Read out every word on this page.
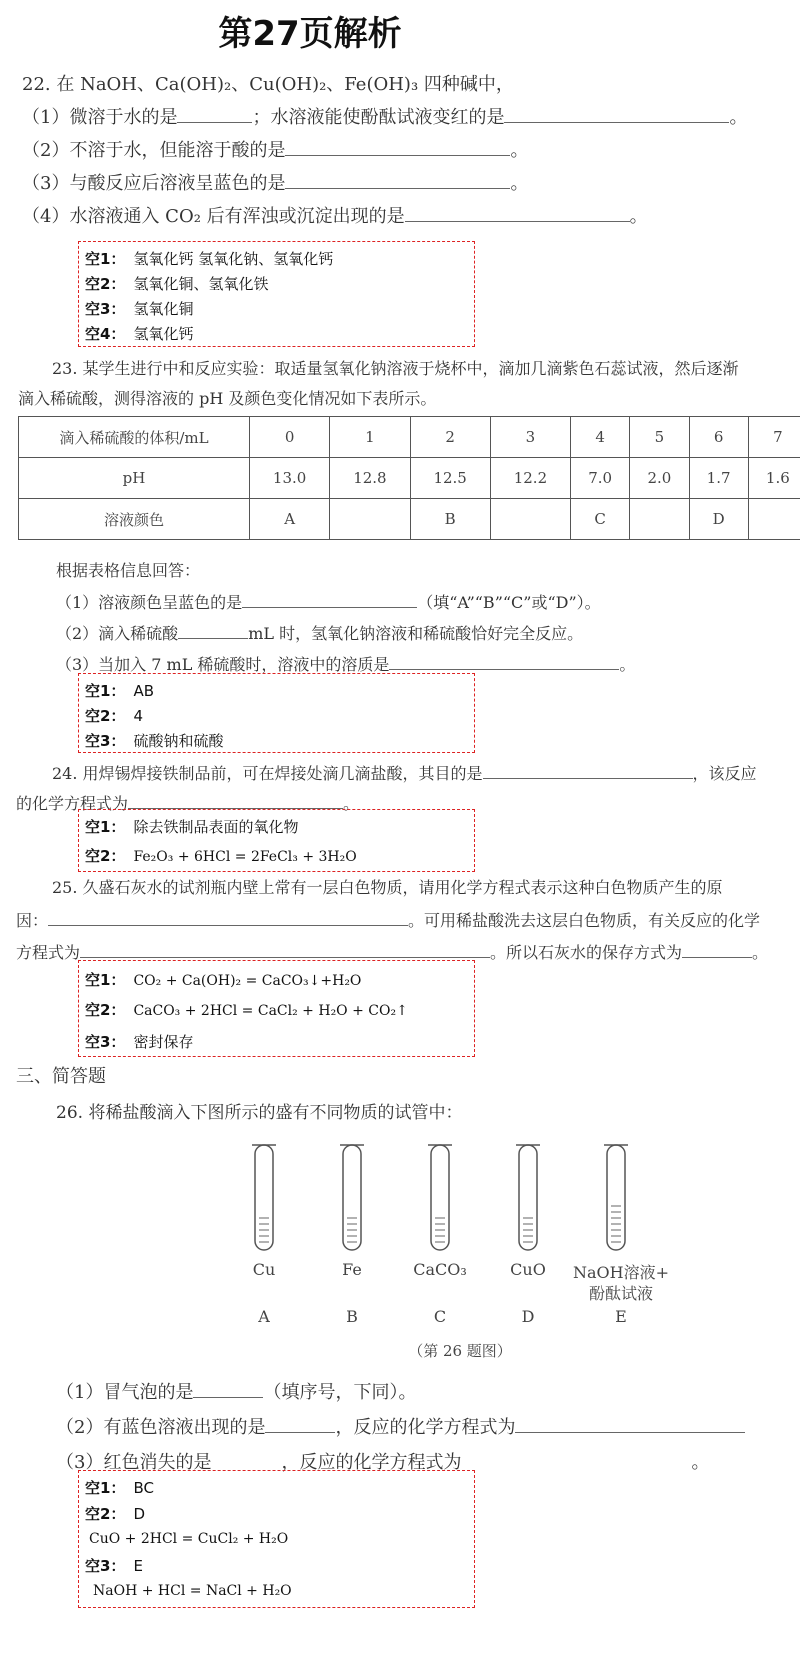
第27页解析
22. 在 NaOH、Ca(OH)₂、Cu(OH)₂、Fe(OH)₃ 四种碱中，
（1）微溶于水的是	；水溶液能使酚酞试液变红的是	。
（2）不溶于水，但能溶于酸的是	。
（3）与酸反应后溶液呈蓝色的是	。
（4）水溶液通入 CO₂ 后有浑浊或沉淀出现的是	。
空1： 氢氧化钙 氢氧化钠、氢氧化钙
空2： 氢氧化铜、氢氧化铁
空3： 氢氧化铜
空4： 氢氧化钙
23. 某学生进行中和反应实验：取适量氢氧化钠溶液于烧杯中，滴加几滴紫色石蕊试液，然后逐渐
滴入稀硫酸，测得溶液的 pH 及颜色变化情况如下表所示。
滴入稀硫酸的体积/mL	0	1	2	3	4	5	6	7
pH	13.0	12.8	12.5	12.2	7.0	2.0	1.7	1.6
溶液颜色	A		B		C		D	
根据表格信息回答：
（1）溶液颜色呈蓝色的是	（填“A”“B”“C”或“D”）。
（2）滴入稀硫酸	mL 时，氢氧化钠溶液和稀硫酸恰好完全反应。
（3）当加入 7 mL 稀硫酸时，溶液中的溶质是	。
空1： AB
空2： 4
空3： 硫酸钠和硫酸
24. 用焊锡焊接铁制品前，可在焊接处滴几滴盐酸，其目的是	，该反应
的化学方程式为	。
空1： 除去铁制品表面的氧化物
空2： Fe₂O₃ + 6HCl = 2FeCl₃ + 3H₂O
25. 久盛石灰水的试剂瓶内壁上常有一层白色物质，请用化学方程式表示这种白色物质产生的原
因：	。可用稀盐酸洗去这层白色物质，有关反应的化学
方程式为	。所以石灰水的保存方式为	。
空1： CO₂ + Ca(OH)₂ = CaCO₃↓+H₂O
空2： CaCO₃ + 2HCl = CaCl₂ + H₂O + CO₂↑
空3： 密封保存
三、简答题
26. 将稀盐酸滴入下图所示的盛有不同物质的试管中：
Cu	Fe	CaCO₃	CuO	NaOH溶液+
酚酞试液
A	B	C	D	E
（第 26 题图）
（1）冒气泡的是	（填序号，下同）。
（2）有蓝色溶液出现的是	，反应的化学方程式为
（3）红色消失的是	，反应的化学方程式为	。
空1： BC
空2： D
CuO + 2HCl = CuCl₂ + H₂O
空3： E
NaOH + HCl = NaCl + H₂O
